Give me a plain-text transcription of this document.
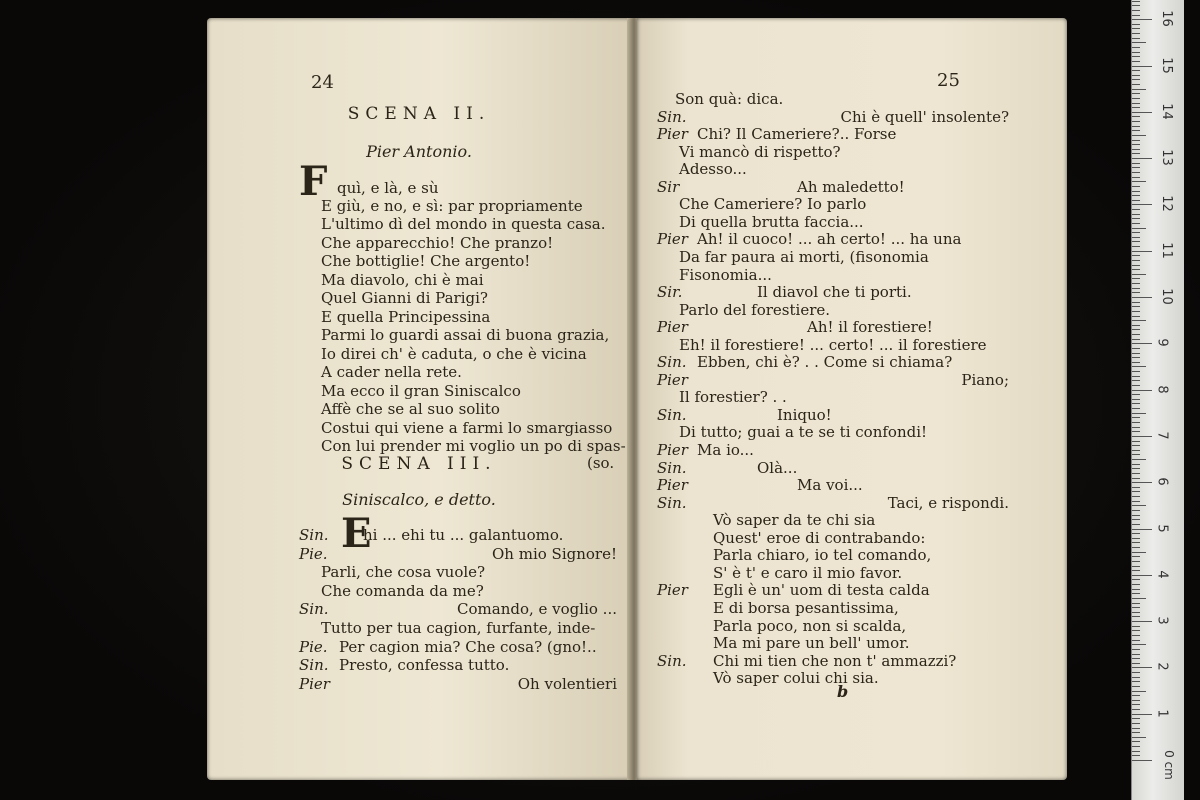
24
SCENA II.
Pier Antonio.
F quì, e là, e sù
E giù, e no, e sì: par propriamente
L'ultimo dì del mondo in questa casa.
Che apparecchio! Che pranzo!
Che bottiglie! Che argento!
Ma diavolo, chi è mai
Quel Gianni di Parigi?
E quella Principessina
Parmi lo guardi assai di buona grazia,
Io direi ch' è caduta, o che è vicina
A cader nella rete.
Ma ecco il gran Siniscalco
Affè che se al suo solito
Costui qui viene a farmi lo smargiasso
Con lui prender mi voglio un po di spas-
(so.
SCENA III.
Siniscalco, e detto.
E
Sin. hi ... ehi tu ... galantuomo.
Pie.	Oh mio Signore!
Parli, che cosa vuole?
Che comanda da me?
Sin.	Comando, e voglio ...
Tutto per tua cagion, furfante, inde-
Pie. Per cagion mia? Che cosa? (gno!..
Sin. Presto, confessa tutto.
Pier	Oh volentieri
25
Son quà: dica.
Sin.	Chi è quell' insolente?
Pier Chi? Il Cameriere?.. Forse
Vi mancò di rispetto?
Adesso...
Sir	Ah maledetto!
Che Cameriere? Io parlo
Di quella brutta faccia...
Pier Ah! il cuoco! ... ah certo! ... ha una
Da far paura ai morti, (fisonomia
Fisonomia...
Sir.	Il diavol che ti porti.
Parlo del forestiere.
Pier	Ah! il forestiere!
Eh! il forestiere! ... certo! ... il forestiere
Sin. Ebben, chi è? . . Come si chiama?
Pier	Piano;
Il forestier? . .
Sin.	Iniquo!
Di tutto; guai a te se ti confondi!
Pier Ma io...
Sin.	Olà...
Pier	Ma voi...
Sin.	Taci, e rispondi.
Vò saper da te chi sia
Quest' eroe di contrabando:
Parla chiaro, io tel comando,
S' è t' e caro il mio favor.
Pier Egli è un' uom di testa calda
E di borsa pesantissima,
Parla poco, non si scalda,
Ma mi pare un bell' umor.
Sin. Chi mi tien che non t' ammazzi?
Vò saper colui chi sia.
b
1
2
3
4
5
6
7
8
9
10
11
12
13
14
15
16
0 cm
